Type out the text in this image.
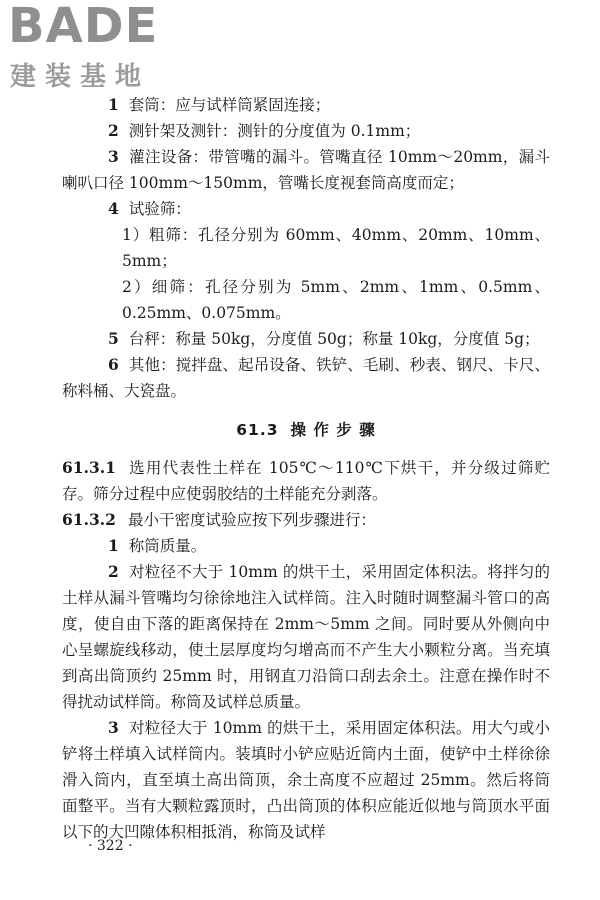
BADE
建装基地

1 套筒：应与试样筒紧固连接；

2 测针架及测针：测针的分度值为 0.1mm；

3 灌注设备：带管嘴的漏斗。管嘴直径 10mm～20mm，漏斗喇叭口径 100mm～150mm，管嘴长度视套筒高度而定；

4 试验筛：

1）粗筛：孔径分别为 60mm、40mm、20mm、10mm、5mm；

2）细筛：孔径分别为 5mm、2mm、1mm、0.5mm、0.25mm、0.075mm。

5 台秤：称量 50kg，分度值 50g；称量 10kg，分度值 5g；

6 其他：搅拌盘、起吊设备、铁铲、毛刷、秒表、钢尺、卡尺、称料桶、大瓷盘。

61.3 操 作 步 骤

61.3.1 选用代表性土样在 105℃～110℃下烘干，并分级过筛贮存。筛分过程中应使弱胶结的土样能充分剥落。

61.3.2 最小干密度试验应按下列步骤进行：

1 称筒质量。

2 对粒径不大于 10mm 的烘干土，采用固定体积法。将拌匀的土样从漏斗管嘴均匀徐徐地注入试样筒。注入时随时调整漏斗管口的高度，使自由下落的距离保持在 2mm～5mm 之间。同时要从外侧向中心呈螺旋线移动，使土层厚度均匀增高而不产生大小颗粒分离。当充填到高出筒顶约 25mm 时，用钢直刀沿筒口刮去余土。注意在操作时不得扰动试样筒。称筒及试样总质量。

3 对粒径大于 10mm 的烘干土，采用固定体积法。用大勺或小铲将土样填入试样筒内。装填时小铲应贴近筒内土面，使铲中土样徐徐滑入筒内，直至填土高出筒顶，余土高度不应超过 25mm。然后将筒面整平。当有大颗粒露顶时，凸出筒顶的体积应能近似地与筒顶水平面以下的大凹隙体积相抵消，称筒及试样

· 322 ·
